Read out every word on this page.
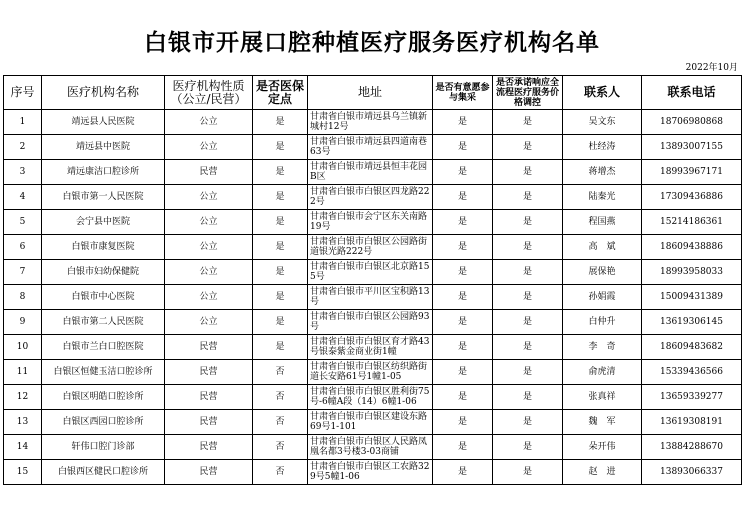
白银市开展口腔种植医疗服务医疗机构名单
2022年10月
序号	医疗机构名称	医疗机构性质（公立/民营）	是否医保定点	地址	是否有意愿参与集采	是否承诺响应全流程医疗服务价格调控	联系人	联系电话
1	靖远县人民医院	公立	是	甘肃省白银市靖远县乌兰镇新城村12号	是	是	吴文东	18706980868
2	靖远县中医院	公立	是	甘肃省白银市靖远县四道南巷63号	是	是	杜经涛	13893007155
3	靖远康洁口腔诊所	民营	是	甘肃省白银市靖远县恒丰花园B区	是	是	蒋增杰	18993967171
4	白银市第一人民医院	公立	是	甘肃省白银市白银区四龙路222号	是	是	陆秦光	17309436886
5	会宁县中医院	公立	是	甘肃省白银市会宁区东关南路19号	是	是	程国燕	15214186361
6	白银市康复医院	公立	是	甘肃省白银市白银区公园路街道银光路222号	是	是	高　斌	18609438886
7	白银市妇幼保健院	公立	是	甘肃省白银市白银区北京路155号	是	是	展保艳	18993958033
8	白银市中心医院	公立	是	甘肃省白银市平川区宝积路13号	是	是	孙娟霞	15009431389
9	白银市第二人民医院	公立	是	甘肃省白银市白银区公园路93号	是	是	白仲升	13619306145
10	白银市兰白口腔医院	民营	是	甘肃省白银市白银区育才路43号银泰紫金商业街1幢	是	是	李　奇	18609483682
11	白银区恒健玉洁口腔诊所	民营	否	甘肃省白银市白银区纺织路街道长安路61号1幢1-05	是	是	俞虎清	15339436566
12	白银区明皓口腔诊所	民营	否	甘肃省白银市白银区胜利街75号-6幢A段（14）6幢1-06	是	是	张真祥	13659339277
13	白银区西园口腔诊所	民营	否	甘肃省白银市白银区建设东路69号1-101	是	是	魏　军	13619308191
14	轩伟口腔门诊部	民营	否	甘肃省白银市白银区人民路凤凰名都3号楼3-03商铺	是	是	朵开伟	13884288670
15	白银西区健民口腔诊所	民营	否	甘肃省白银市白银区工农路329号5幢1-06	是	是	赵　进	13893066337
